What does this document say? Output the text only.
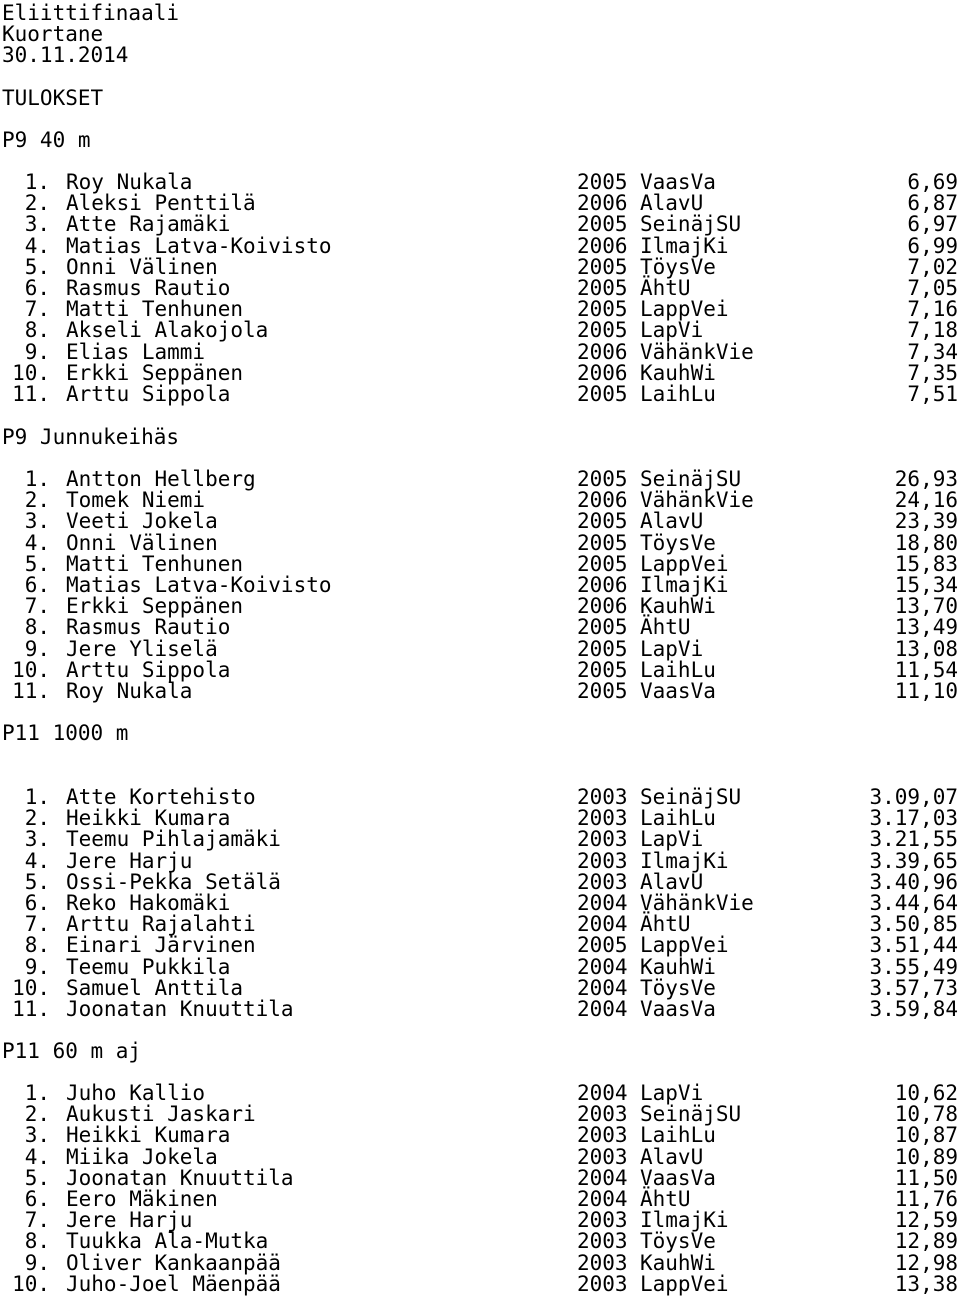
Eliittifinaali
Kuortane
30.11.2014
TULOKSET
P9 40 m
1. Roy Nukala	2005 VaasVa	6,69
2. Aleksi Penttilä	2006 AlavU	6,87
3. Atte Rajamäki	2005 SeinäjSU	6,97
4. Matias Latva-Koivisto	2006 IlmajKi	6,99
5. Onni Välinen	2005 TöysVe	7,02
6. Rasmus Rautio	2005 ÄhtU	7,05
7. Matti Tenhunen	2005 LappVei	7,16
8. Akseli Alakojola	2005 LapVi	7,18
9. Elias Lammi	2006 VähänkVie	7,34
10. Erkki Seppänen	2006 KauhWi	7,35
11. Arttu Sippola	2005 LaihLu	7,51
P9 Junnukeihäs
1. Antton Hellberg	2005 SeinäjSU	26,93
2. Tomek Niemi	2006 VähänkVie	24,16
3. Veeti Jokela	2005 AlavU	23,39
4. Onni Välinen	2005 TöysVe	18,80
5. Matti Tenhunen	2005 LappVei	15,83
6. Matias Latva-Koivisto	2006 IlmajKi	15,34
7. Erkki Seppänen	2006 KauhWi	13,70
8. Rasmus Rautio	2005 ÄhtU	13,49
9. Jere Yliselä	2005 LapVi	13,08
10. Arttu Sippola	2005 LaihLu	11,54
11. Roy Nukala	2005 VaasVa	11,10
P11 1000 m
1. Atte Kortehisto	2003 SeinäjSU	3.09,07
2. Heikki Kumara	2003 LaihLu	3.17,03
3. Teemu Pihlajamäki	2003 LapVi	3.21,55
4. Jere Harju	2003 IlmajKi	3.39,65
5. Ossi-Pekka Setälä	2003 AlavU	3.40,96
6. Reko Hakomäki	2004 VähänkVie	3.44,64
7. Arttu Rajalahti	2004 ÄhtU	3.50,85
8. Einari Järvinen	2005 LappVei	3.51,44
9. Teemu Pukkila	2004 KauhWi	3.55,49
10. Samuel Anttila	2004 TöysVe	3.57,73
11. Joonatan Knuuttila	2004 VaasVa	3.59,84
P11 60 m aj
1. Juho Kallio	2004 LapVi	10,62
2. Aukusti Jaskari	2003 SeinäjSU	10,78
3. Heikki Kumara	2003 LaihLu	10,87
4. Miika Jokela	2003 AlavU	10,89
5. Joonatan Knuuttila	2004 VaasVa	11,50
6. Eero Mäkinen	2004 ÄhtU	11,76
7. Jere Harju	2003 IlmajKi	12,59
8. Tuukka Ala-Mutka	2003 TöysVe	12,89
9. Oliver Kankaanpää	2003 KauhWi	12,98
10. Juho-Joel Mäenpää	2003 LappVei	13,38
